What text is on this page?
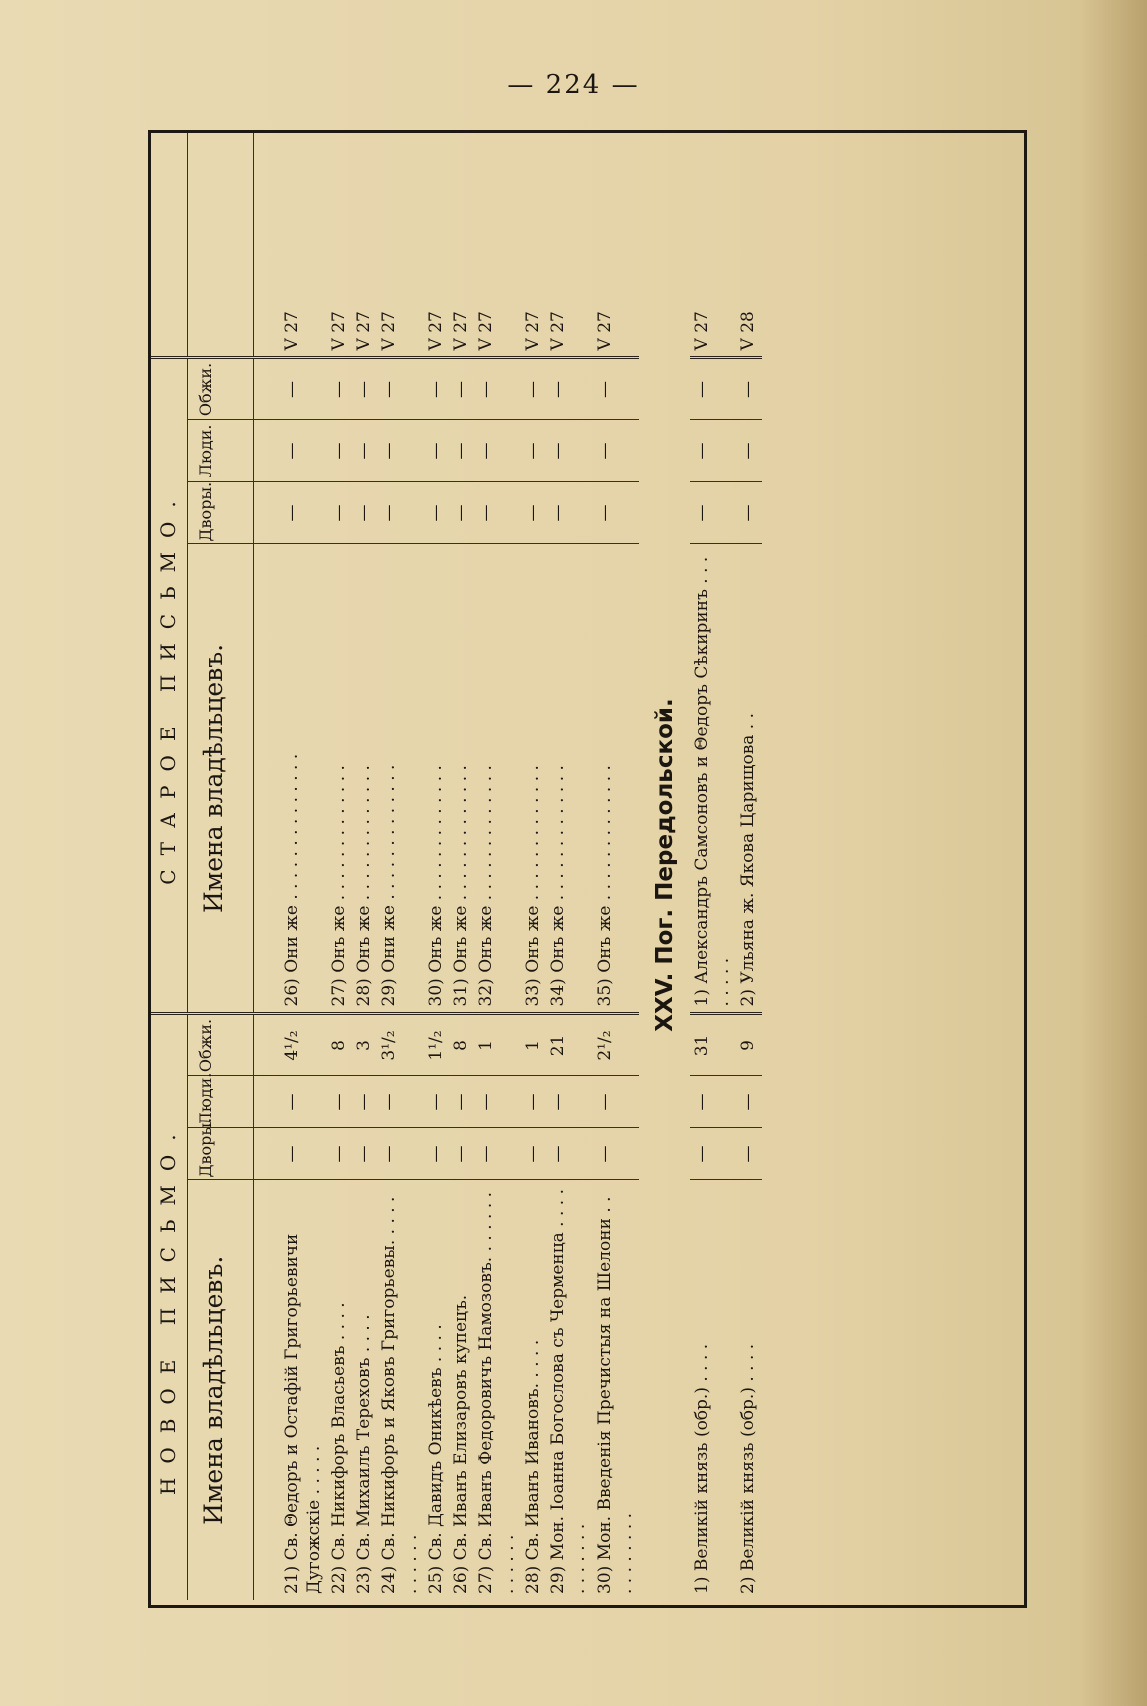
— 224 —
НОВОЕ ПИСЬМО.				СТАРОЕ ПИСЬМО.				
Имена владѣльцевъ.	Дворы.	Люди.	Обжи.	Имена владѣльцевъ.	Дворы.	Люди.	Обжи.	
21) Св. Θедоръ и Остафій Григорьевичи Дугожскіе . . . . .	—	—	4¹/₂	26) Они же . . . . . . . . . . . . . .	—	—	—	V 27
22) Св. Никифоръ Власьевъ . . . .	—	—	8	27) Онъ же . . . . . . . . . . . . .	—	—	—	V 27
23) Св. Михаилъ Тереховъ . . . .	—	—	3	28) Онъ же . . . . . . . . . . . . .	—	—	—	V 27
24) Св. Никифоръ и Яковъ Григорьевы. . . . . . . . . . .	—	—	3¹/₂	29) Они же . . . . . . . . . . . . .	—	—	—	V 27
25) Св. Давидъ Оникѣевъ . . . .	—	—	1¹/₂	30) Онъ же . . . . . . . . . . . . .	—	—	—	V 27
26) Св. Иванъ Елизаровъ купецъ.	—	—	8	31) Онъ же . . . . . . . . . . . . .	—	—	—	V 27
27) Св. Иванъ Федоровичъ Намозовъ. . . . . . . . . . . . .	—	—	1	32) Онъ же . . . . . . . . . . . . .	—	—	—	V 27
28) Св. Иванъ Ивановъ. . . . .	—	—	1	33) Онъ же . . . . . . . . . . . . .	—	—	—	V 27
29) Мон. Іоанна Богослова съ Черменца . . . . . . . . . . .	—	—	21	34) Онъ же . . . . . . . . . . . . .	—	—	—	V 27
30) Мон. Введенія Пречистыя на Шелони . . . . . . . . . .	—	—	2¹/₂	35) Онъ же . . . . . . . . . . . . .	—	—	—	V 27
XXV. Пог. Передольской.								
1) Великій князь (обр.) . . . .	—	—	31	1) Александръ Самсоновъ и Θедоръ Сѣкиринъ . . . . . . . .	—	—	—	V 27
2) Великій князь (обр.) . . . .	—	—	9	2) Ульяна ж. Якова Царищова . .	—	—	—	V 28
